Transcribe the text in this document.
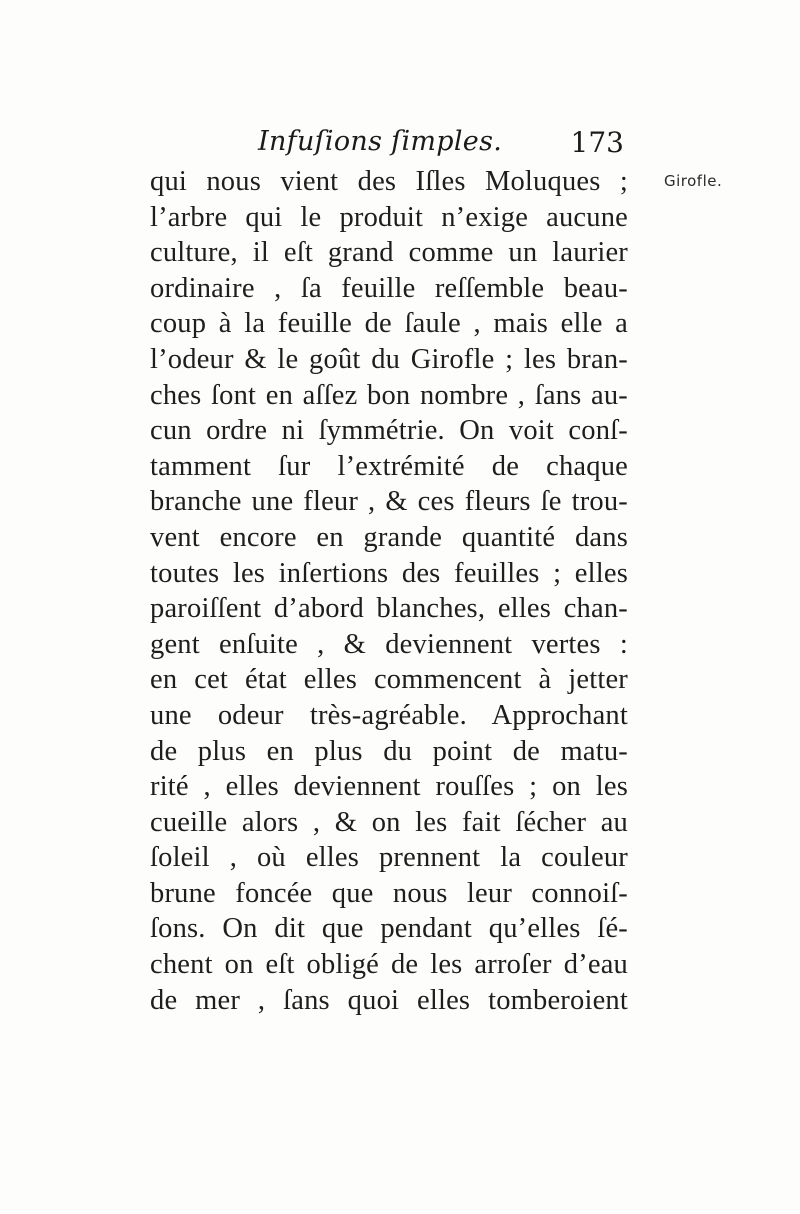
Infuſions ſimples. 173
Girofle.
qui nous vient des Iſles Moluques ;
l’arbre qui le produit n’exige aucune
culture, il eſt grand comme un laurier
ordinaire , ſa feuille reſſemble beau-
coup à la feuille de ſaule , mais elle a
l’odeur & le goût du Girofle ; les bran-
ches ſont en aſſez bon nombre , ſans au-
cun ordre ni ſymmétrie. On voit conſ-
tamment ſur l’extrémité de chaque
branche une fleur , & ces fleurs ſe trou-
vent encore en grande quantité dans
toutes les inſertions des feuilles ; elles
paroiſſent d’abord blanches, elles chan-
gent enſuite , & deviennent vertes :
en cet état elles commencent à jetter
une odeur très-agréable. Approchant
de plus en plus du point de matu-
rité , elles deviennent rouſſes ; on les
cueille alors , & on les fait ſécher au
ſoleil , où elles prennent la couleur
brune foncée que nous leur connoiſ-
ſons. On dit que pendant qu’elles ſé-
chent on eſt obligé de les arroſer d’eau
de mer , ſans quoi elles tomberoient
